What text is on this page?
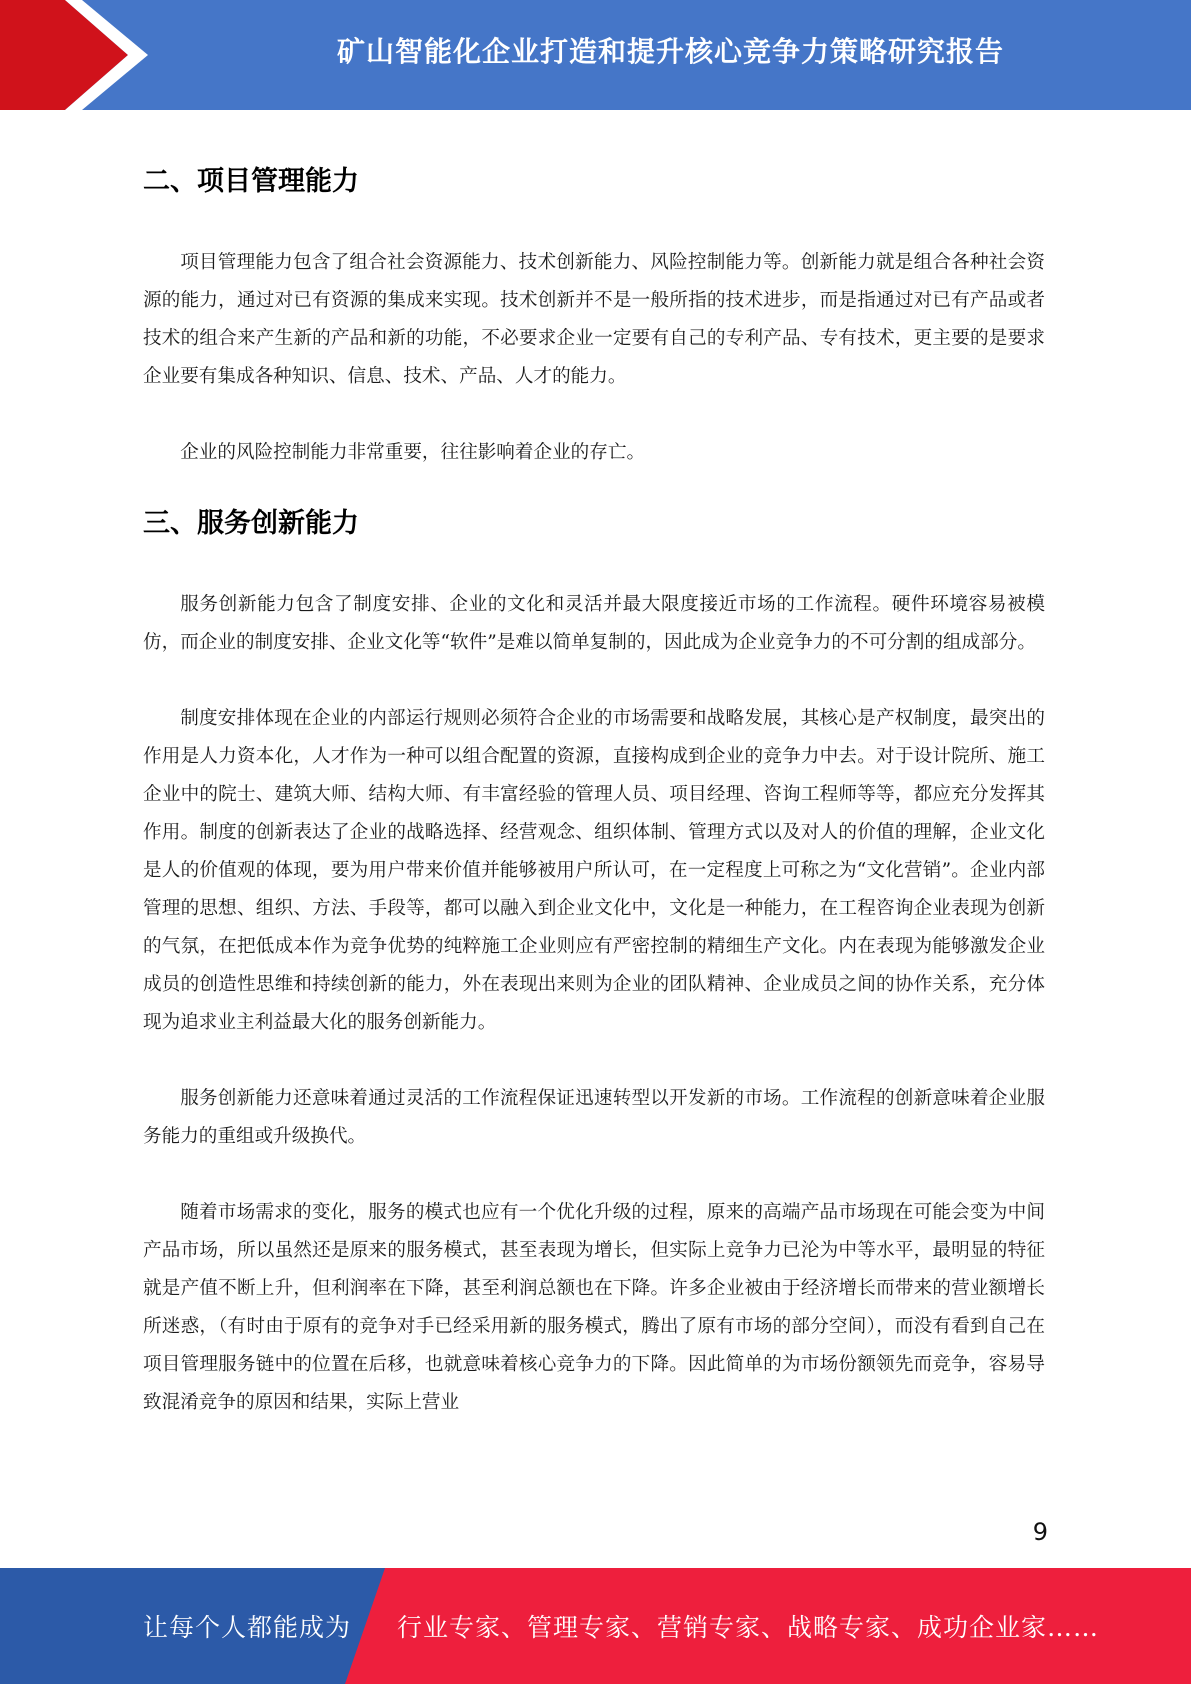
矿山智能化企业打造和提升核心竞争力策略研究报告
二、项目管理能力

项目管理能力包含了组合社会资源能力、技术创新能力、风险控制能力等。创新能力就是组合各种社会资源的能力，通过对已有资源的集成来实现。技术创新并不是一般所指的技术进步，而是指通过对已有产品或者技术的组合来产生新的产品和新的功能，不必要求企业一定要有自己的专利产品、专有技术，更主要的是要求企业要有集成各种知识、信息、技术、产品、人才的能力。

企业的风险控制能力非常重要，往往影响着企业的存亡。

三、服务创新能力

服务创新能力包含了制度安排、企业的文化和灵活并最大限度接近市场的工作流程。硬件环境容易被模仿，而企业的制度安排、企业文化等“软件”是难以简单复制的，因此成为企业竞争力的不可分割的组成部分。

制度安排体现在企业的内部运行规则必须符合企业的市场需要和战略发展，其核心是产权制度，最突出的作用是人力资本化，人才作为一种可以组合配置的资源，直接构成到企业的竞争力中去。对于设计院所、施工企业中的院士、建筑大师、结构大师、有丰富经验的管理人员、项目经理、咨询工程师等等，都应充分发挥其作用。制度的创新表达了企业的战略选择、经营观念、组织体制、管理方式以及对人的价值的理解，企业文化是人的价值观的体现，要为用户带来价值并能够被用户所认可，在一定程度上可称之为“文化营销”。企业内部管理的思想、组织、方法、手段等，都可以融入到企业文化中，文化是一种能力，在工程咨询企业表现为创新的气氛，在把低成本作为竞争优势的纯粹施工企业则应有严密控制的精细生产文化。内在表现为能够激发企业成员的创造性思维和持续创新的能力，外在表现出来则为企业的团队精神、企业成员之间的协作关系，充分体现为追求业主利益最大化的服务创新能力。

服务创新能力还意味着通过灵活的工作流程保证迅速转型以开发新的市场。工作流程的创新意味着企业服务能力的重组或升级换代。

随着市场需求的变化，服务的模式也应有一个优化升级的过程，原来的高端产品市场现在可能会变为中间产品市场，所以虽然还是原来的服务模式，甚至表现为增长，但实际上竞争力已沦为中等水平，最明显的特征就是产值不断上升，但利润率在下降，甚至利润总额也在下降。许多企业被由于经济增长而带来的营业额增长所迷惑，（有时由于原有的竞争对手已经采用新的服务模式，腾出了原有市场的部分空间），而没有看到自己在项目管理服务链中的位置在后移，也就意味着核心竞争力的下降。因此简单的为市场份额领先而竞争，容易导致混淆竞争的原因和结果，实际上营业

9
让每个人都能成为 行业专家、管理专家、营销专家、战略专家、成功企业家……
